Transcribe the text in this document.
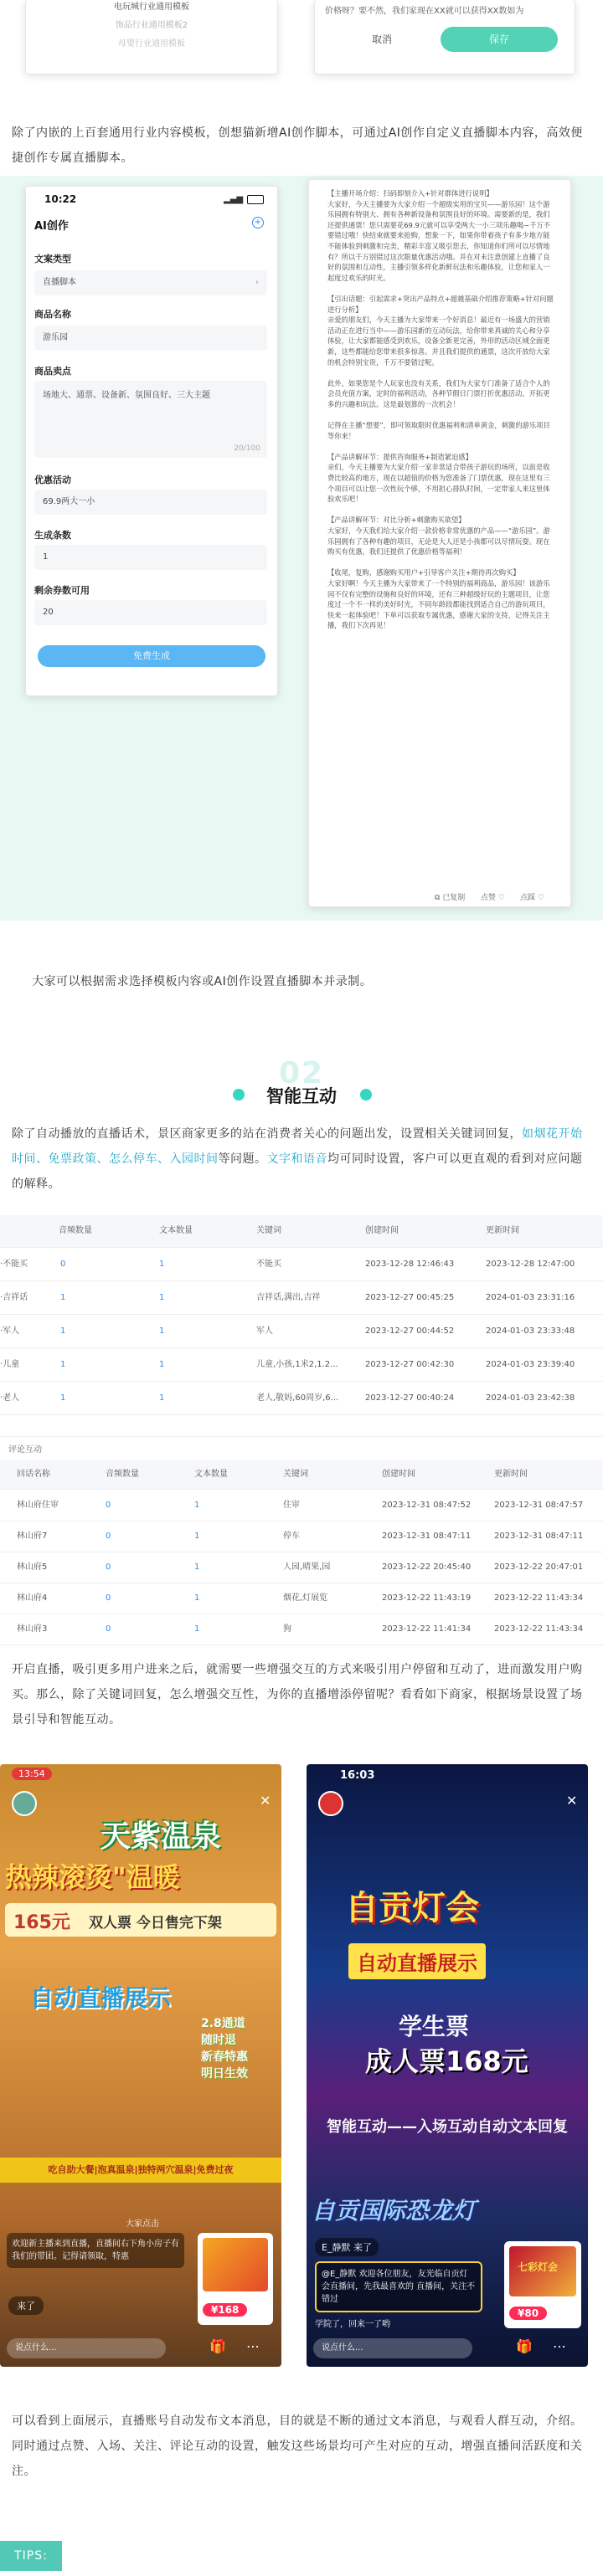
电玩城行业通用模板
饰品行业通用模板2
母婴行业通用模板
价格呀？要不然，我们家现在XX就可以获得XX数如为
取消	保存
除了内嵌的上百套通用行业内容模板，创想猫新增AI创作脚本，可通过AI创作自定义直播脚本内容，高效便捷创作专属直播脚本。
10:22	▂▄▆
AI创作	+
文案类型
直播脚本	›
商品名称
游乐园
商品卖点
场地大、通票、设备新、氛围良好、三大主题
20/100
优惠活动
69.9两大一小
生成条数
1
剩余券数可用
20
免费生成
【主播开场介绍：扫码即刻介入+针对群体进行说明】
大家好，今天主播要为大家介绍一个超级实用的宝贝——游乐园！这个游乐园拥有特别大、拥有各种新设备和氛围良好的环境。需要新的是，我们还提供通票！您只需要花69.9元就可以享受两大一小三项乐趣喝~千万不要错过哦！快结束就要来抢购，想象一下，如果你带着孩子有多少地方能不能体验到刺激和完美，精彩丰富又吸引您去，你知道你们所可以尽情地有？所以千万别错过这次限量优惠活动哦。并在对未注意创建上直播了良好的氛围和互动性，主播引领多样化新鲜玩法和乐趣体验，让您和家人一起度过欢乐的时光。

【引出话题：引起需求+突出产品特点+超越基础介绍推荐策略+针对问题进行分析】
亲爱的朋友们，今天主播为大家带来一个好消息！最近有一场盛大的营销活动正在进行当中——游乐园新的互动玩法，给你带来真诚的关心和分享体验，让大家都能感受到欢乐，设备全新更完善，外形的活动区域全面更新，这些都能给您带来很多惊喜。并且我们提供的通票，这次开放给大家的机会特别宝贵，千万不要错过呢。

此外，如果您是个人玩家也没有关系，我们为大家专门准备了适合个人的会员充值方案，定时的福利活动，各种节假日门票打折优惠活动，开拓更多的兴趣和玩法。这是最划算的一次机会！

记得在主播“想要”，即可领取限时优惠福利和清单黄金，刺激的游乐项目等你来！

【产品讲解环节：提供咨询服务+制造紧迫感】
亲们，今天主播要为大家介绍一家非常适合带孩子游玩的场所，以前是收费比较高的地方，现在以超值的价格为您准备了门票优惠，现在这里有三个项目可以让您一次性玩个够，不用担心排队时间，一定带家人来这里体验欢乐吧！

【产品讲解环节：对比分析+刺激购买欲望】
大家好，今天我们给大家介绍一款价格非常优惠的产品——“游乐园”。游乐园拥有了各种有趣的项目，无论是大人还是小孩都可以尽情玩耍。现在购买有优惠，我们还提供了优惠价格等福利！

【收尾，复购，感谢购买用户+引导客户关注+期待再次购买】
大家好啊！今天主播为大家带来了一个特别的福利商品，游乐园！该游乐园不仅有完整的设施和良好的环境，还有三种超级好玩的主题项目，让您度过一个不一样的美好时光，不同年龄段都能找到适合自己的游玩项目，快来一起体验吧！下单可以获取专属优惠，感谢大家的支持，记得关注主播，我们下次再见！
⧉ 已复制 点赞 ♡ 点踩 ♡
大家可以根据需求选择模板内容或AI创作设置直播脚本并录制。
02
智能互动
除了自动播放的直播话术，景区商家更多的站在消费者关心的问题出发，设置相关关键词回复，如烟花开始时间、免票政策、怎么停车、入园时间等问题。文字和语音均可同时设置，客户可以更直观的看到对应问题的解释。
音频数量	文本数量	关键词	创建时间	更新时间
·不能买	0	1	不能买	2023-12-28 12:46:43	2023-12-28 12:47:00
·吉祥话	1	1	吉祥话,满出,吉祥	2023-12-27 00:45:25	2024-01-03 23:31:16
·军人	1	1	军人	2023-12-27 00:44:52	2024-01-03 23:33:48
·儿童	1	1	儿童,小孩,1米2,1.2...	2023-12-27 00:42:30	2024-01-03 23:39:40
·老人	1	1	老人,敬妈,60周岁,6...	2023-12-27 00:40:24	2024-01-03 23:42:38
评论互动
回话名称	音频数量	文本数量	关键词	创建时间	更新时间
林山府住审	0	1	住审	2023-12-31 08:47:52	2023-12-31 08:47:57
林山府7	0	1	停车	2023-12-31 08:47:11	2023-12-31 08:47:11
林山府5	0	1	人园,晴果,园	2023-12-22 20:45:40	2023-12-22 20:47:01
林山府4	0	1	烟花,灯展览	2023-12-22 11:43:19	2023-12-22 11:43:34
林山府3	0	1	狗	2023-12-22 11:41:34	2023-12-22 11:43:34
开启直播，吸引更多用户进来之后，就需要一些增强交互的方式来吸引用户停留和互动了，进而激发用户购买。那么，除了关键词回复，怎么增强交互性，为你的直播增添停留呢？看看如下商家，根据场景设置了场景引导和智能互动。
13:54
✕
天紫温泉
热辣滚烫"温暖
165元 双人票 今日售完下架
自动直播展示
2.8通道
随时退
新春特惠
明日生效
吃自助大餐|泡真温泉|独特两穴温泉|免费过夜
欢迎新主播来到直播，直播间右下角小房子有我们的带团。记得请领取，特惠
大家点击
来了	¥168
说点什么...	🎁 ⋯
16:03
✕
自贡灯会
自动直播展示
学生票
成人票168元
智能互动——入场互动自动文本回复
自贡国际恐龙灯
E_静默 来了
@E_静默 欢迎各位朋友，友光临自贡灯会直播间，先我最喜欢的 直播间，关注不错过
学院了，回来一了哟
七彩灯会
¥80
说点什么...	🎁 ⋯
可以看到上面展示，直播账号自动发布文本消息，目的就是不断的通过文本消息，与观看人群互动，介绍。同时通过点赞、入场、关注、评论互动的设置，触发这些场景均可产生对应的互动，增强直播间活跃度和关注。
TIPS:
